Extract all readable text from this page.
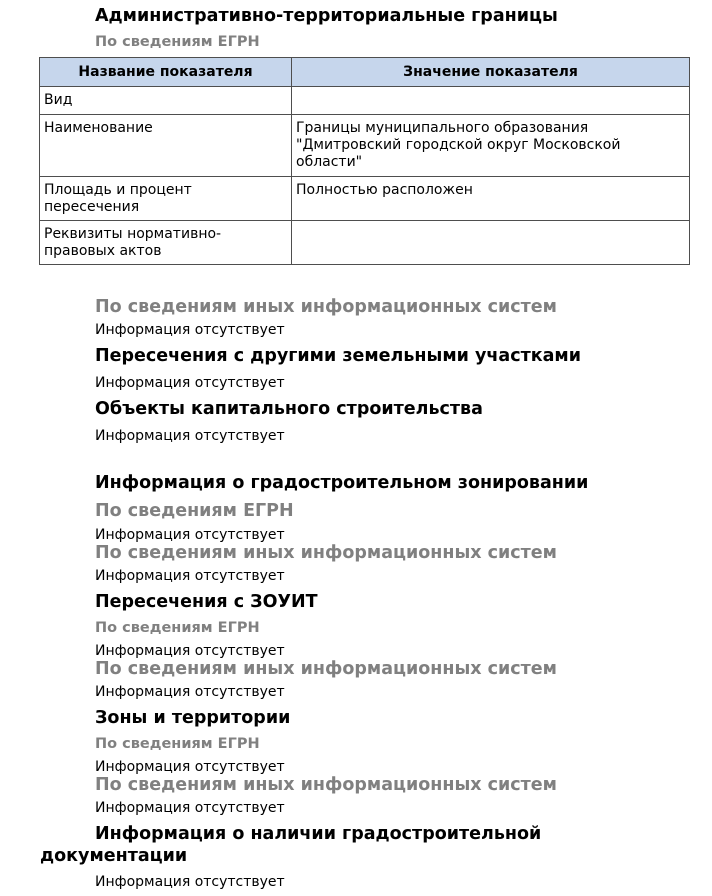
Административно-территориальные границы
По сведениям ЕГРН
Название показателя	Значение показателя
Вид	
Наименование	Границы муниципального образования "Дмитровский городской округ Московской области"
Площадь и процент пересечения	Полностью расположен
Реквизиты нормативно-правовых актов	
По сведениям иных информационных систем
Информация отсутствует
Пересечения с другими земельными участками
Информация отсутствует
Объекты капитального строительства
Информация отсутствует
Информация о градостроительном зонировании
По сведениям ЕГРН
Информация отсутствует
По сведениям иных информационных систем
Информация отсутствует
Пересечения с ЗОУИТ
По сведениям ЕГРН
Информация отсутствует
По сведениям иных информационных систем
Информация отсутствует
Зоны и территории
По сведениям ЕГРН
Информация отсутствует
По сведениям иных информационных систем
Информация отсутствует
Информация о наличии градостроительной
документации
Информация отсутствует
